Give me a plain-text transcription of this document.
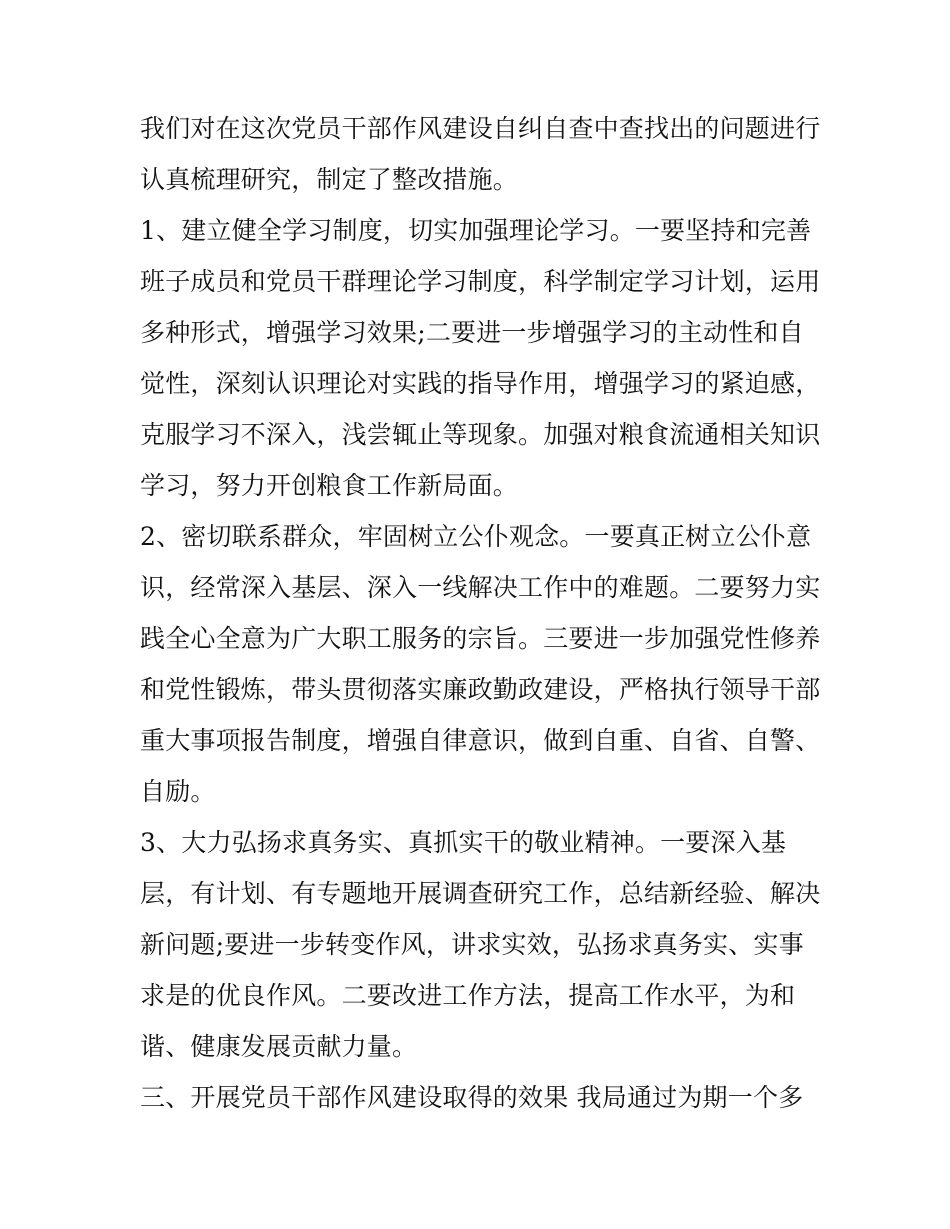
我们对在这次党员干部作风建设自纠自查中查找出的问题进行
认真梳理研究，制定了整改措施。
1、建立健全学习制度，切实加强理论学习。一要坚持和完善
班子成员和党员干群理论学习制度，科学制定学习计划，运用
多种形式，增强学习效果;二要进一步增强学习的主动性和自
觉性，深刻认识理论对实践的指导作用，增强学习的紧迫感，
克服学习不深入，浅尝辄止等现象。加强对粮食流通相关知识
学习，努力开创粮食工作新局面。
2、密切联系群众，牢固树立公仆观念。一要真正树立公仆意
识，经常深入基层、深入一线解决工作中的难题。二要努力实
践全心全意为广大职工服务的宗旨。三要进一步加强党性修养
和党性锻炼，带头贯彻落实廉政勤政建设，严格执行领导干部
重大事项报告制度，增强自律意识，做到自重、自省、自警、
自励。
3、大力弘扬求真务实、真抓实干的敬业精神。一要深入基
层，有计划、有专题地开展调查研究工作，总结新经验、解决
新问题;要进一步转变作风，讲求实效，弘扬求真务实、实事
求是的优良作风。二要改进工作方法，提高工作水平，为和
谐、健康发展贡献力量。
三、开展党员干部作风建设取得的效果 我局通过为期一个多
